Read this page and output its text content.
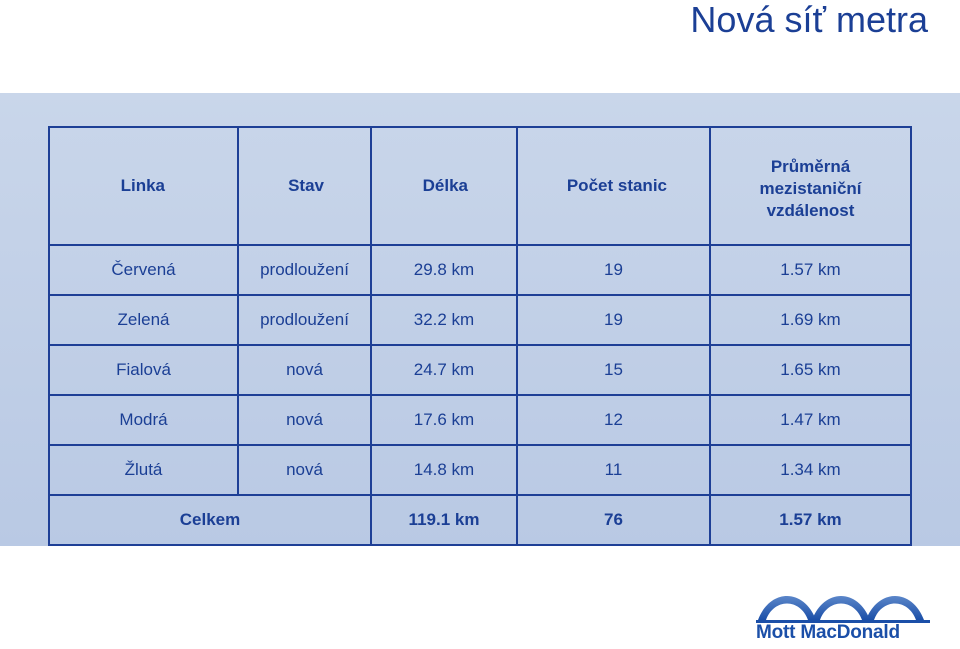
Nová síť metra
Linka	Stav	Délka	Počet stanic	Průměrná
mezistaniční
vzdálenost

Červená	prodloužení	29.8 km	19	1.57 km
Zelená	prodloužení	32.2 km	19	1.69 km
Fialová	nová	24.7 km	15	1.65 km
Modrá	nová	17.6 km	12	1.47 km
Žlutá	nová	14.8 km	11	1.34 km
Celkem		119.1 km	76	1.57 km
Mott MacDonald
